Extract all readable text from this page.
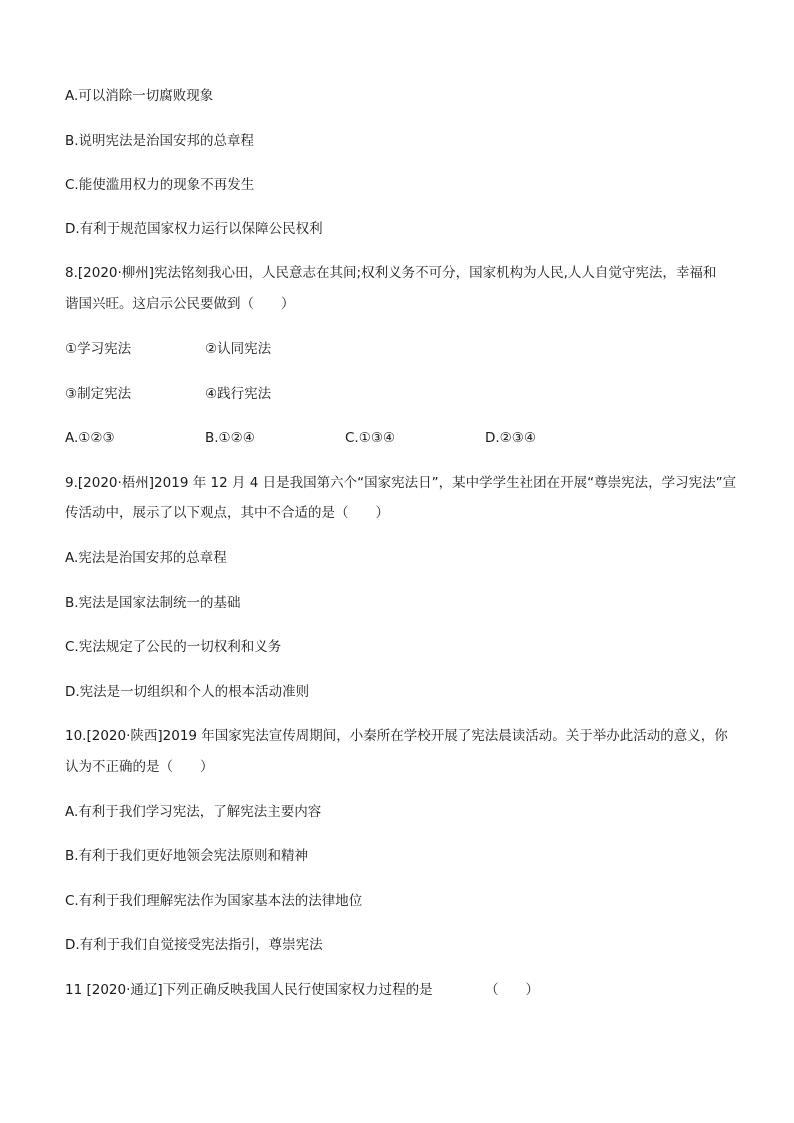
A.可以消除一切腐败现象
B.说明宪法是治国安邦的总章程
C.能使滥用权力的现象不再发生
D.有利于规范国家权力运行以保障公民权利
8.[2020·柳州]宪法铭刻我心田，人民意志在其间;权利义务不可分，国家机构为人民,人人自觉守宪法，幸福和
谐国兴旺。这启示公民要做到（　　）
①学习宪法	②认同宪法
③制定宪法	④践行宪法
A.①②③	B.①②④	C.①③④	D.②③④
9.[2020·梧州]2019 年 12 月 4 日是我国第六个“国家宪法日”，某中学学生社团在开展“尊崇宪法，学习宪法”宣
传活动中，展示了以下观点，其中不合适的是（　　）
A.宪法是治国安邦的总章程
B.宪法是国家法制统一的基础
C.宪法规定了公民的一切权利和义务
D.宪法是一切组织和个人的根本活动准则
10.[2020·陕西]2019 年国家宪法宣传周期间，小秦所在学校开展了宪法晨读活动。关于举办此活动的意义，你
认为不正确的是（　　）
A.有利于我们学习宪法，了解宪法主要内容
B.有利于我们更好地领会宪法原则和精神
C.有利于我们理解宪法作为国家基本法的法律地位
D.有利于我们自觉接受宪法指引，尊崇宪法
11 [2020·通辽]下列正确反映我国人民行使国家权力过程的是	（　　）
